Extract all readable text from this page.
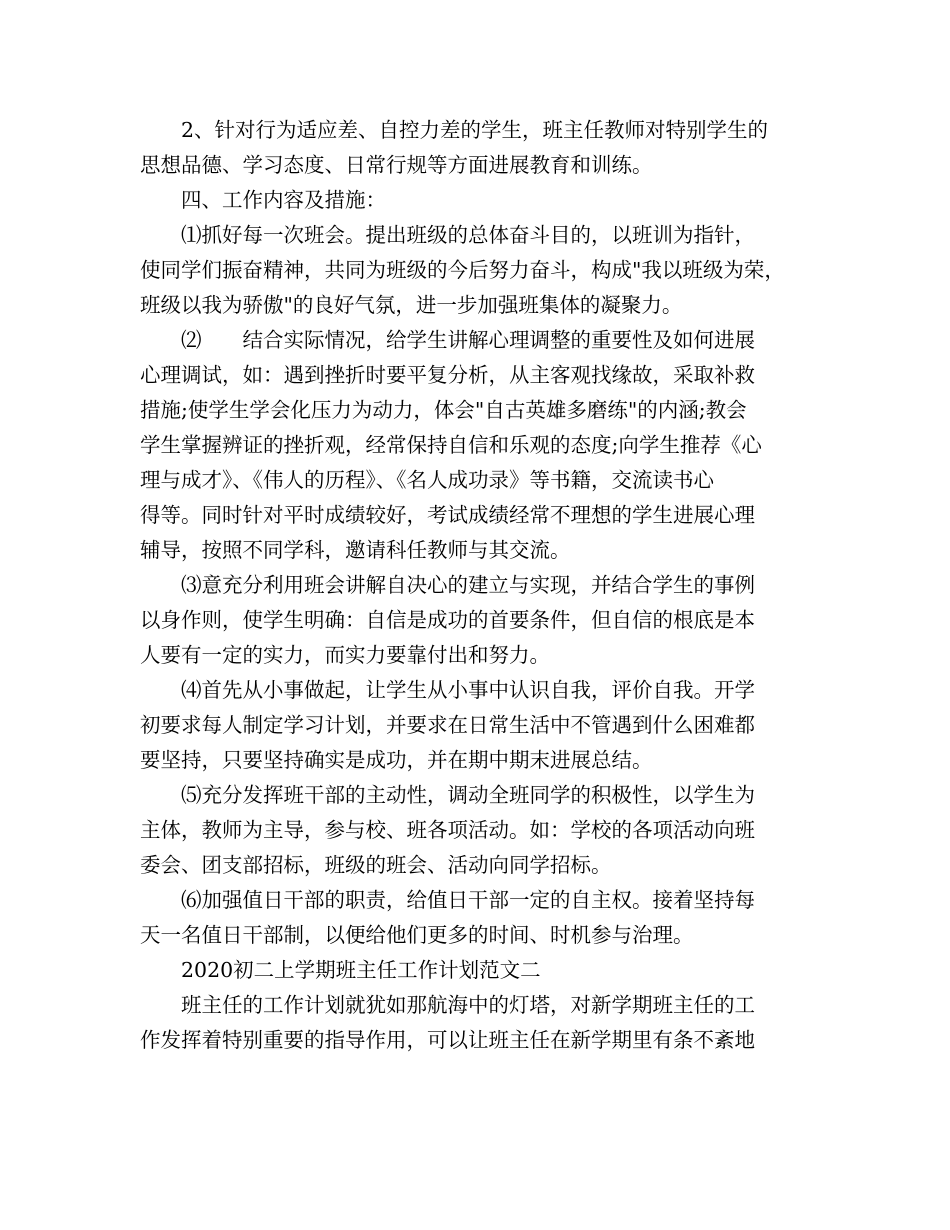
2、针对行为适应差、自控力差的学生，班主任教师对特别学生的
思想品德、学习态度、日常行规等方面进展教育和训练。

四、工作内容及措施：

⑴抓好每一次班会。提出班级的总体奋斗目的，以班训为指针，
使同学们振奋精神，共同为班级的今后努力奋斗，构成"我以班级为荣，
班级以我为骄傲"的良好气氛，进一步加强班集体的凝聚力。

⑵　　结合实际情况，给学生讲解心理调整的重要性及如何进展
心理调试，如：遇到挫折时要平复分析，从主客观找缘故，采取补救
措施;使学生学会化压力为动力，体会"自古英雄多磨练"的内涵;教会
学生掌握辨证的挫折观，经常保持自信和乐观的态度;向学生推荐《心
理与成才》、《伟人的历程》、《名人成功录》等书籍，交流读书心
得等。同时针对平时成绩较好，考试成绩经常不理想的学生进展心理
辅导，按照不同学科，邀请科任教师与其交流。

⑶意充分利用班会讲解自决心的建立与实现，并结合学生的事例
以身作则，使学生明确：自信是成功的首要条件，但自信的根底是本
人要有一定的实力，而实力要靠付出和努力。

⑷首先从小事做起，让学生从小事中认识自我，评价自我。开学
初要求每人制定学习计划，并要求在日常生活中不管遇到什么困难都
要坚持，只要坚持确实是成功，并在期中期末进展总结。

⑸充分发挥班干部的主动性，调动全班同学的积极性，以学生为
主体，教师为主导，参与校、班各项活动。如：学校的各项活动向班
委会、团支部招标，班级的班会、活动向同学招标。

⑹加强值日干部的职责，给值日干部一定的自主权。接着坚持每
天一名值日干部制，以便给他们更多的时间、时机参与治理。

2020初二上学期班主任工作计划范文二

班主任的工作计划就犹如那航海中的灯塔，对新学期班主任的工
作发挥着特别重要的指导作用，可以让班主任在新学期里有条不紊地
